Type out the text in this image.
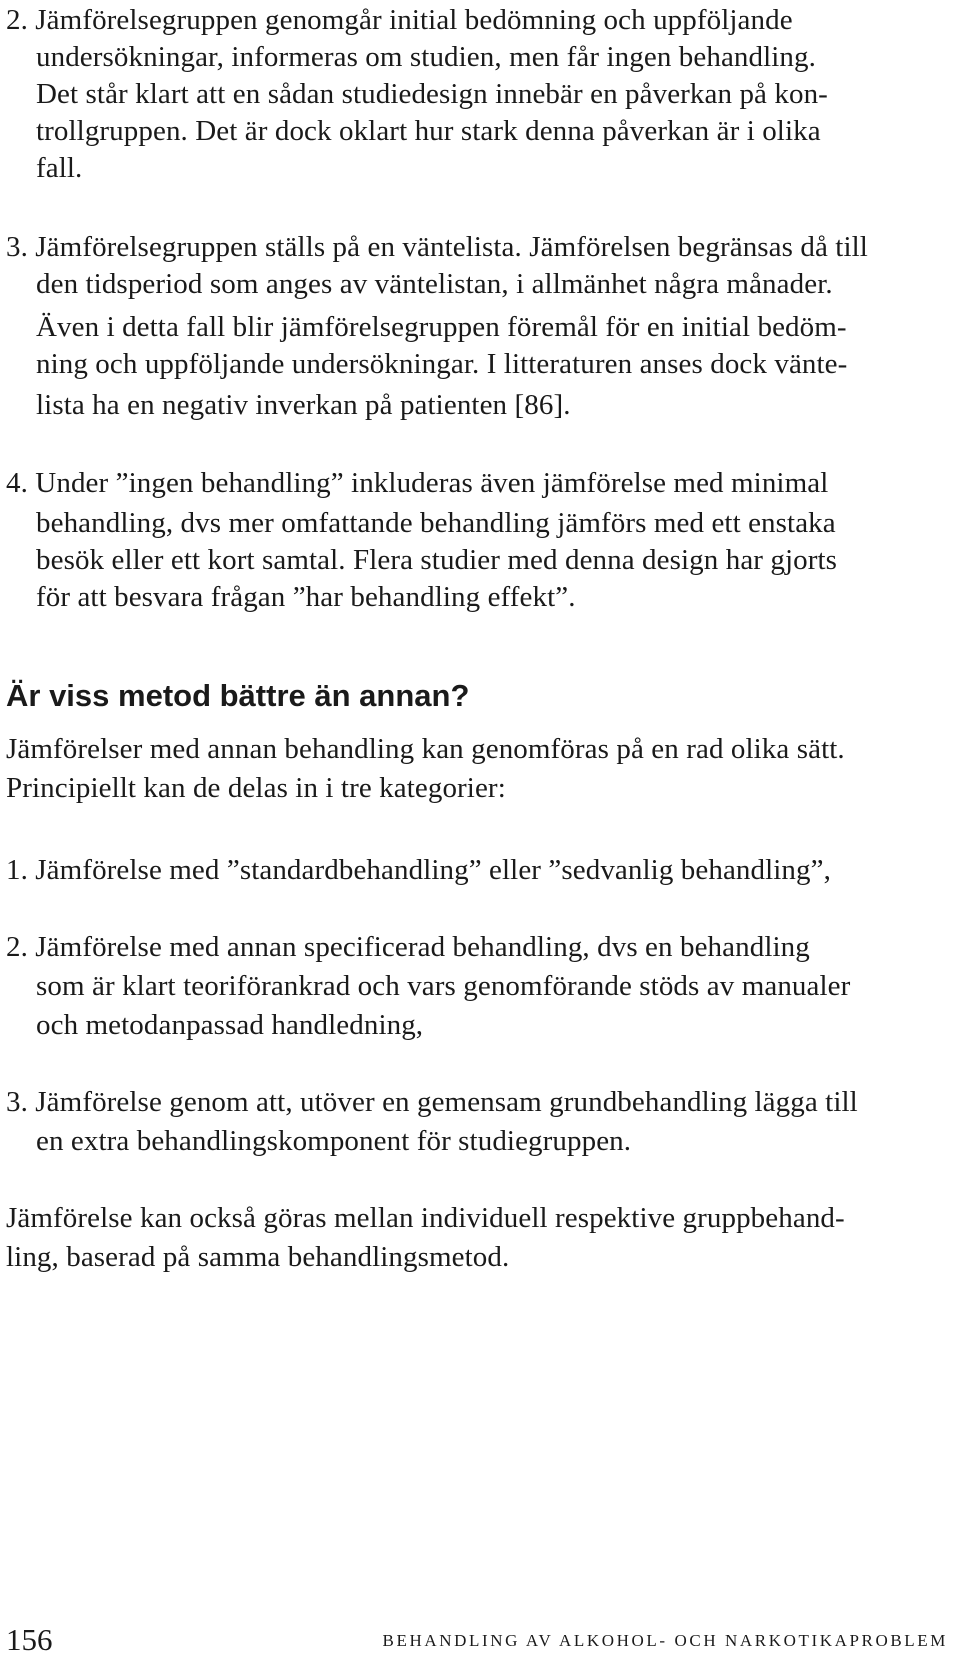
2. Jämförelsegruppen genomgår initial bedömning och uppföljande

undersökningar, informeras om studien, men får ingen behandling.

Det står klart att en sådan studiedesign innebär en påverkan på kon-

trollgruppen. Det är dock oklart hur stark denna påverkan är i olika

fall.

3. Jämförelsegruppen ställs på en väntelista. Jämförelsen begränsas då till

den tidsperiod som anges av väntelistan, i allmänhet några månader.

Även i detta fall blir jämförelsegruppen föremål för en initial bedöm-

ning och uppföljande undersökningar. I litteraturen anses dock vänte-

lista ha en negativ inverkan på patienten [86].

4. Under ”ingen behandling” inkluderas även jämförelse med minimal

behandling, dvs mer omfattande behandling jämförs med ett enstaka

besök eller ett kort samtal. Flera studier med denna design har gjorts

för att besvara frågan ”har behandling effekt”.

Är viss metod bättre än annan?

Jämförelser med annan behandling kan genomföras på en rad olika sätt.

Principiellt kan de delas in i tre kategorier:

1. Jämförelse med ”standardbehandling” eller ”sedvanlig behandling”,

2. Jämförelse med annan specificerad behandling, dvs en behandling

som är klart teoriförankrad och vars genomförande stöds av manualer

och metodanpassad handledning,

3. Jämförelse genom att, utöver en gemensam grundbehandling lägga till

en extra behandlingskomponent för studiegruppen.

Jämförelse kan också göras mellan individuell respektive gruppbehand-

ling, baserad på samma behandlingsmetod.

156	BEHANDLING AV ALKOHOL- OCH NARKOTIKAPROBLEM
